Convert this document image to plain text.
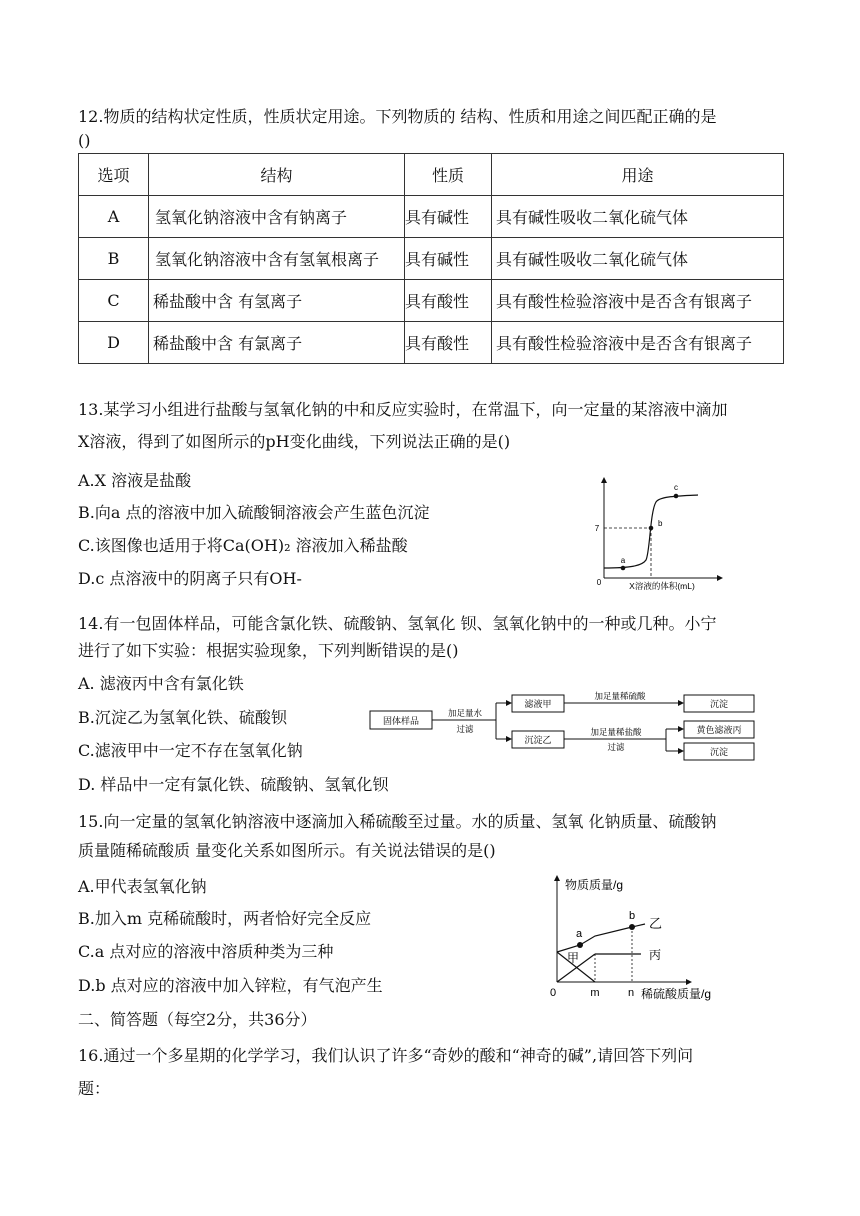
12.物质的结构状定性质，性质状定用途。下列物质的 结构、性质和用途之间匹配正确的是
()
选项	结构	性质	用途
A	氢氧化钠溶液中含有钠离子	具有碱性	具有碱性吸收二氧化硫气体
B	氢氧化钠溶液中含有氢氧根离子	具有碱性	具有碱性吸收二氧化硫气体
C	稀盐酸中含 有氢离子	具有酸性	具有酸性检验溶液中是否含有银离子
D	稀盐酸中含 有氯离子	具有酸性	具有酸性检验溶液中是否含有银离子
13.某学习小组进行盐酸与氢氧化钠的中和反应实验时，在常温下，向一定量的某溶液中滴加
X溶液，得到了如图所示的pH变化曲线，下列说法正确的是()
A.X 溶液是盐酸
B.向a 点的溶液中加入硫酸铜溶液会产生蓝色沉淀
C.该图像也适用于将Ca(OH)₂ 溶液加入稀盐酸
D.c 点溶液中的阴离子只有OH-
a
b
c
7
0	X溶液的体积(mL)
14.有一包固体样品，可能含氯化铁、硫酸钠、氢氧化 钡、氢氧化钠中的一种或几种。小宁
进行了如下实验：根据实验现象，下列判断错误的是()
A. 滤液丙中含有氯化铁
B.沉淀乙为氢氧化铁、硫酸钡
C.滤液甲中一定不存在氢氧化钠
D. 样品中一定有氯化铁、硫酸钠、氢氧化钡
固体样品
加足量水
过滤
滤液甲
沉淀乙
加足量稀硫酸
加足量稀盐酸
过滤
沉淀
黄色滤液丙
沉淀
15.向一定量的氢氧化钠溶液中逐滴加入稀硫酸至过量。水的质量、氢氧 化钠质量、硫酸钠
质量随稀硫酸质 量变化关系如图所示。有关说法错误的是()
A.甲代表氢氧化钠
B.加入m 克稀硫酸时，两者恰好完全反应
C.a 点对应的溶液中溶质种类为三种
D.b 点对应的溶液中加入锌粒，有气泡产生
a
b 乙
甲	丙
物质质量/g
0	m	n 稀硫酸质量/g
二、简答题（每空2分，共36分）
16.通过一个多星期的化学学习，我们认识了许多“奇妙的酸和“神奇的碱”,请回答下列问
题：
